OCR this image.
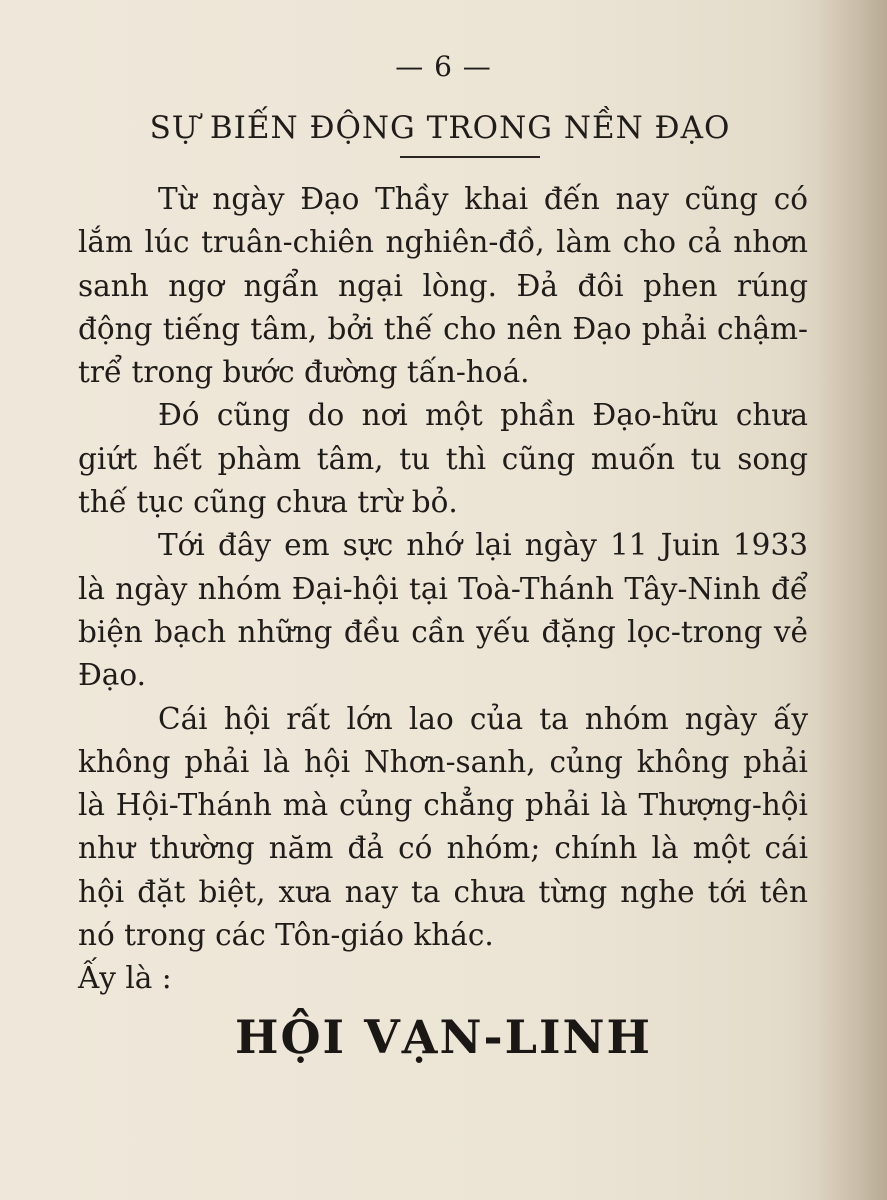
— 6 —
SỰ BIẾN ĐỘNG TRONG NỀN ĐẠO

Từ ngày Đạo Thầy khai đến nay cũng có lắm lúc truân-chiên nghiên-đồ, làm cho cả nhơn sanh ngơ ngẩn ngại lòng. Đả đôi phen rúng động tiếng tâm, bởi thế cho nên Đạo phải chậm-trể trong bước đường tấn-hoá.

Đó cũng do nơi một phần Đạo-hữu chưa giứt hết phàm tâm, tu thì cũng muốn tu song thế tục cũng chưa trừ bỏ.

Tới đây em sực nhớ lại ngày 11 Juin 1933 là ngày nhóm Đại-hội tại Toà-Thánh Tây-Ninh để biện bạch những đều cần yếu đặng lọc-trong vẻ Đạo.

Cái hội rất lớn lao của ta nhóm ngày ấy không phải là hội Nhơn-sanh, củng không phải là Hội-Thánh mà củng chẳng phải là Thượng-hội như thường năm đả có nhóm; chính là một cái hội đặt biệt, xưa nay ta chưa từng nghe tới tên nó trong các Tôn-giáo khác.

Ấy là :

HỘI VẠN-LINH
